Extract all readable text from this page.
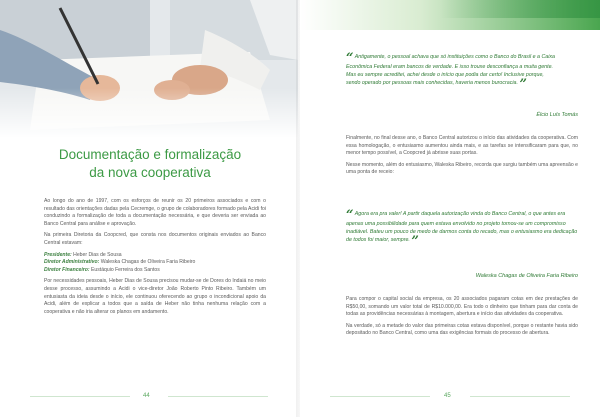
Documentação e formalização
da nova cooperativa

Ao longo do ano de 1997, com os esforços de reunir os 20 primeiros associados e com o resultado das orientações dadas pela Cecremge, o grupo de colaboradores formado pela Acidi foi conduzindo a formalização de toda a documentação necessária, e que deveria ser enviada ao Banco Central para análise e aprovação.

Na primeira Diretoria da Coopcred, que consta nos documentos originais enviados ao Banco Central estavam:

Presidente: Heber Dias de Sousa
Diretor Administrativo: Waleska Chagas de Oliveira Faria Ribeiro
Diretor Financeiro: Eustáquio Ferreira dos Santos

Por necessidades pessoais, Heber Dias de Sousa precisou mudar-se de Dores do Indaiá no meio desse processo, assumindo a Acidi o vice-diretor João Roberto Pinto Ribeiro. Também um entusiasta da ideia desde o início, ele continuou oferecendo ao grupo o incondicional apoio da Acidi, além de explicar a todos que a saída de Heber não tinha nenhuma relação com a cooperativa e não iria alterar os planos em andamento.

44
“ Antigamente, o pessoal achava que só instituições como o Banco do Brasil e a Caixa Econômica Federal eram bancos de verdade. E isso trouxe desconfiança a muita gente. Mas eu sempre acreditei, achei desde o início que podia dar certo! Inclusive porque, sendo operado por pessoas mais conhecidas, haveria menos burocracia. ”
Élcio Luís Tomás

Finalmente, no final desse ano, o Banco Central autorizou o início das atividades da cooperativa. Com essa homologação, o entusiasmo aumentou ainda mais, e as tarefas se intensificaram para que, no menor tempo possível, a Coopcred já abrisse suas portas.

Nesse momento, além do entusiasmo, Waleska Ribeiro, recorda que surgiu também uma apreensão e uma ponta de receio:

“ Agora era pra valer! A partir daquela autorização vinda do Banco Central, o que antes era apenas uma possibilidade para quem estava envolvido no projeto tornou-se um compromisso inadiável. Bateu um pouco de medo de darmos conta do recado, mas o entusiasmo era dedicação de todos foi maior, sempre. ”
Waleska Chagas de Oliveira Faria Ribeiro

Para compor o capital social da empresa, os 20 associados pagaram cotas em dez prestações de R$50,00, somando um valor total de R$10.000,00. Era todo o dinheiro que tinham para dar conta de todas as providências necessárias à montagem, abertura e início das atividades da cooperativa.

Na verdade, só a metade do valor das primeiras cotas estava disponível, porque o restante havia sido depositado no Banco Central, como uma das exigências formais do processo de abertura.

45
